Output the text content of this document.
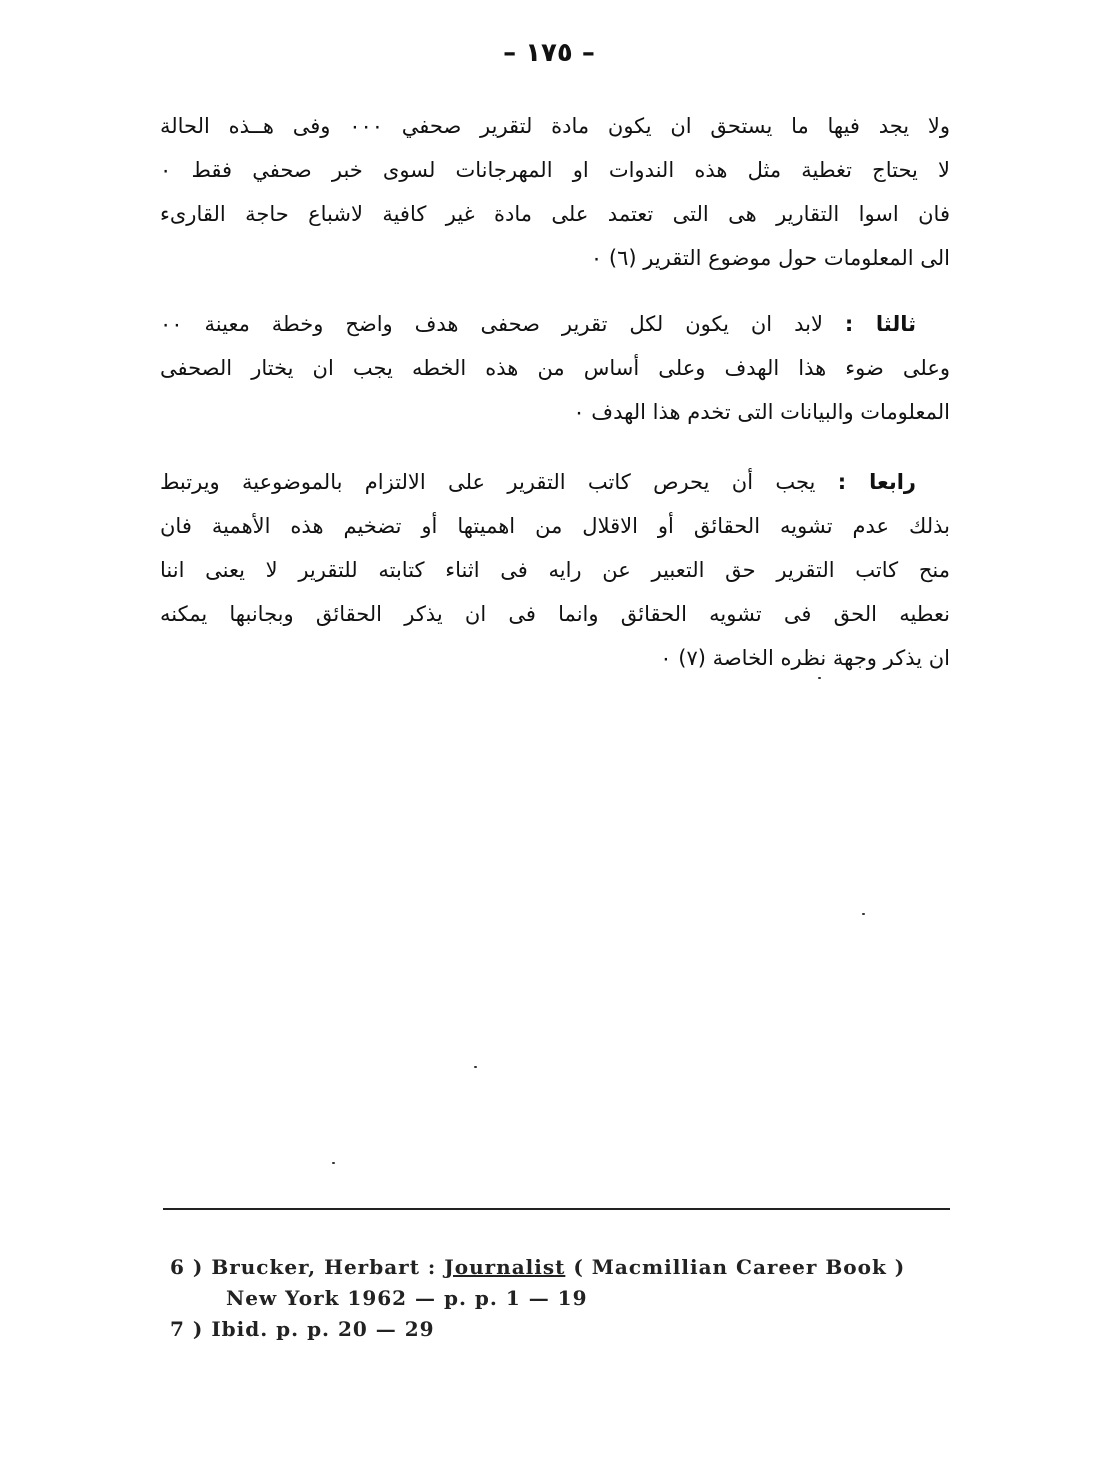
– ١٧٥ –
ولا يجد فيها ما يستحق ان يكون مادة لتقرير صحفي ٠٠٠ وفى هــذه الحالة
لا يحتاج تغطية مثل هذه الندوات او المهرجانات لسوى خبر صحفي فقط ٠
فان اسوا التقارير هى التى تعتمد على مادة غير كافية لاشباع حاجة القارىء
الى المعلومات حول موضوع التقرير (٦) ٠
ثالثا : لابد ان يكون لكل تقرير صحفى هدف واضح وخطة معينة ٠٠
وعلى ضوء هذا الهدف وعلى أساس من هذه الخطه يجب ان يختار الصحفى
المعلومات والبيانات التى تخدم هذا الهدف ٠
رابعا : يجب أن يحرص كاتب التقرير على الالتزام بالموضوعية ويرتبط
بذلك عدم تشويه الحقائق أو الاقلال من اهميتها أو تضخيم هذه الأهمية فان
منح كاتب التقرير حق التعبير عن رايه فى اثناء كتابته للتقرير لا يعنى اننا
نعطيه الحق فى تشويه الحقائق وانما فى ان يذكر الحقائق وبجانبها يمكنه
ان يذكر وجهة نظره الخاصة (٧) ٠
6 ) Brucker, Herbart : Journalist ( Macmillian Career Book )
New York 1962 — p. p. 1 — 19
7 ) Ibid. p. p. 20 — 29
